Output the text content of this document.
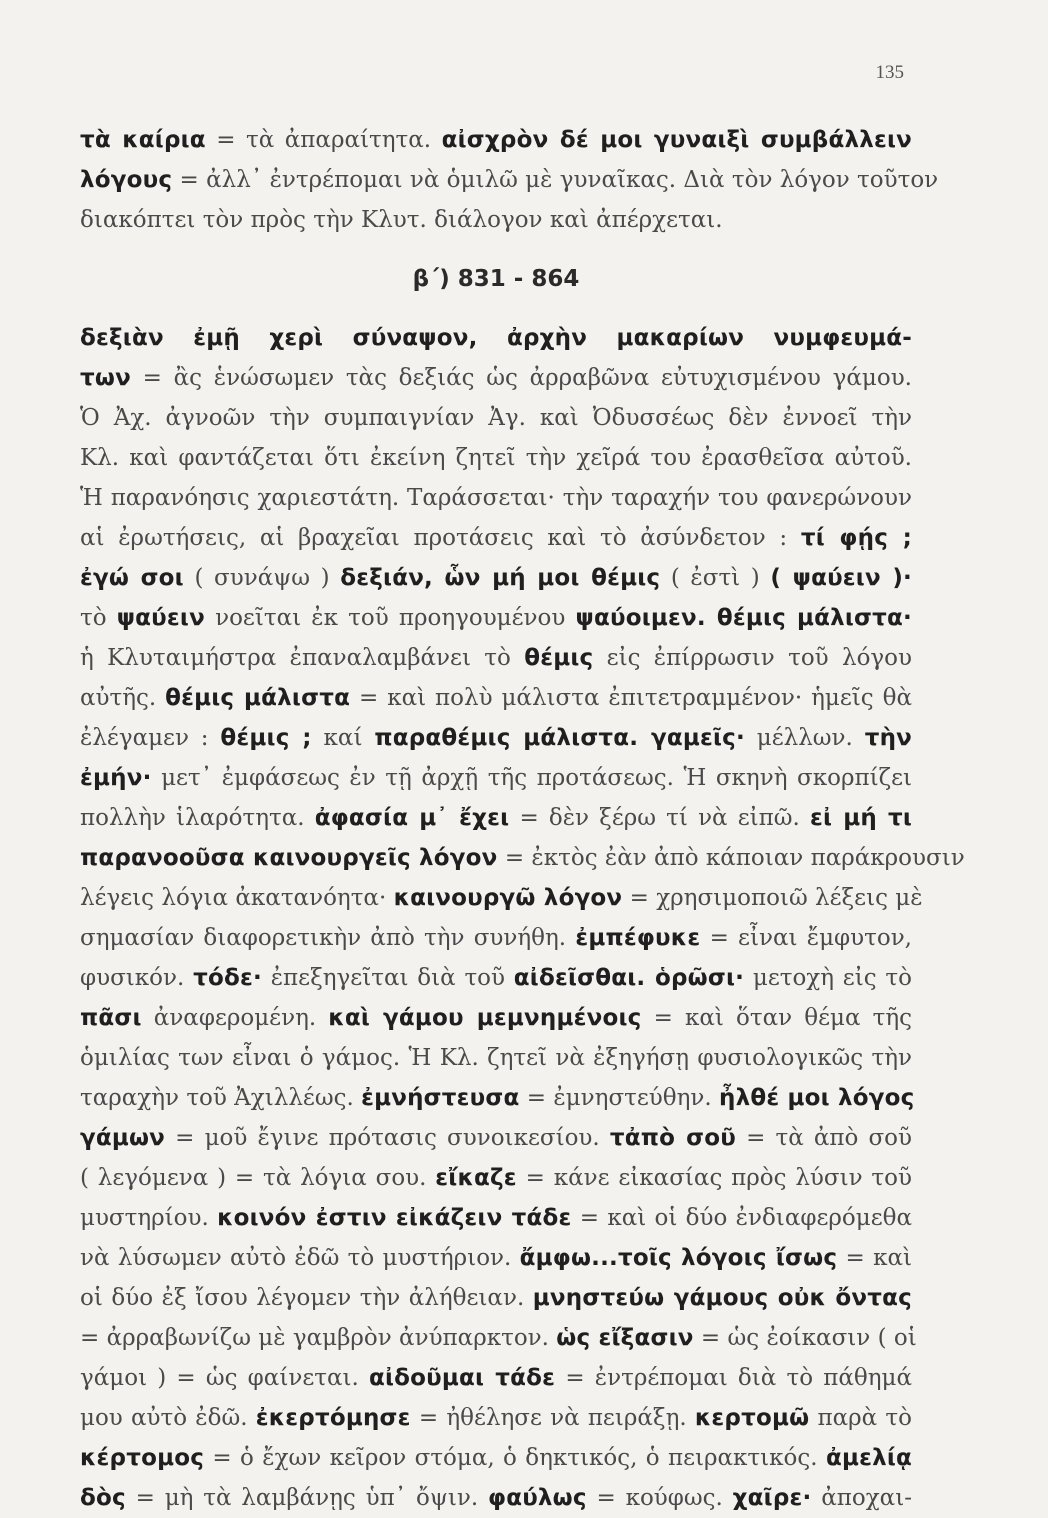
135
τὰ καίρια = τὰ ἀπαραίτητα. αἰσχρὸν δέ μοι γυναιξὶ συμβάλλειν
λόγους = ἀλλ᾽ ἐντρέπομαι νὰ ὁμιλῶ μὲ γυναῖκας. Διὰ τὸν λόγον τοῦτον
διακόπτει τὸν πρὸς τὴν Κλυτ. διάλογον καὶ ἀπέρχεται.
β΄) 831 - 864
δεξιὰν ἐμῇ χερὶ σύναψον, ἀρχὴν μακαρίων νυμφευμά-
των = ἂς ἑνώσωμεν τὰς δεξιάς ὡς ἀρραβῶνα εὐτυχισμένου γάμου.
Ὁ Ἀχ. ἀγνοῶν τὴν συμπαιγνίαν Ἀγ. καὶ Ὀδυσσέως δὲν ἐννοεῖ τὴν
Κλ. καὶ φαντάζεται ὅτι ἐκείνη ζητεῖ τὴν χεῖρά του ἐρασθεῖσα αὐτοῦ.
Ἡ παρανόησις χαριεστάτη. Ταράσσεται· τὴν ταραχήν του φανερώνουν
αἱ ἐρωτήσεις, αἱ βραχεῖαι προτάσεις καὶ τὸ ἀσύνδετον : τί φῄς ;
ἐγώ σοι ( συνάψω ) δεξιάν, ὧν μή μοι θέμις ( ἐστὶ ) ( ψαύειν )·
τὸ ψαύειν νοεῖται ἐκ τοῦ προηγουμένου ψαύοιμεν. θέμις μάλιστα·
ἡ Κλυταιμήστρα ἐπαναλαμβάνει τὸ θέμις εἰς ἐπίρρωσιν τοῦ λόγου
αὐτῆς. θέμις μάλιστα = καὶ πολὺ μάλιστα ἐπιτετραμμένον· ἡμεῖς θὰ
ἐλέγαμεν : θέμις ; καί παραθέμις μάλιστα. γαμεῖς· μέλλων. τὴν
ἐμήν· μετ᾽ ἐμφάσεως ἐν τῇ ἀρχῇ τῆς προτάσεως. Ἡ σκηνὴ σκορπίζει
πολλὴν ἱλαρότητα. ἀφασία μ᾽ ἔχει = δὲν ξέρω τί νὰ εἰπῶ. εἰ μή τι
παρανοοῦσα καινουργεῖς λόγον = ἐκτὸς ἐὰν ἀπὸ κάποιαν παράκρουσιν
λέγεις λόγια ἀκατανόητα· καινουργῶ λόγον = χρησιμοποιῶ λέξεις μὲ
σημασίαν διαφορετικὴν ἀπὸ τὴν συνήθη. ἐμπέφυκε = εἶναι ἔμφυτον,
φυσικόν. τόδε· ἐπεξηγεῖται διὰ τοῦ αἰδεῖσθαι. ὁρῶσι· μετοχὴ εἰς τὸ
πᾶσι ἀναφερομένη. καὶ γάμου μεμνημένοις = καὶ ὅταν θέμα τῆς
ὁμιλίας των εἶναι ὁ γάμος. Ἡ Κλ. ζητεῖ νὰ ἐξηγήσῃ φυσιολογικῶς τὴν
ταραχὴν τοῦ Ἀχιλλέως. ἐμνήστευσα = ἐμνηστεύθην. ἦλθέ μοι λόγος
γάμων = μοῦ ἔγινε πρότασις συνοικεσίου. τἀπὸ σοῦ = τὰ ἀπὸ σοῦ
( λεγόμενα ) = τὰ λόγια σου. εἴκαζε = κάνε εἰκασίας πρὸς λύσιν τοῦ
μυστηρίου. κοινόν ἐστιν εἰκάζειν τάδε = καὶ οἱ δύο ἐνδιαφερόμεθα
νὰ λύσωμεν αὐτὸ ἐδῶ τὸ μυστήριον. ἄμφω...τοῖς λόγοις ἴσως = καὶ
οἱ δύο ἐξ ἴσου λέγομεν τὴν ἀλήθειαν. μνηστεύω γάμους οὐκ ὄντας
= ἀρραβωνίζω μὲ γαμβρὸν ἀνύπαρκτον. ὡς εἴξασιν = ὡς ἐοίκασιν ( οἱ
γάμοι ) = ὡς φαίνεται. αἰδοῦμαι τάδε = ἐντρέπομαι διὰ τὸ πάθημά
μου αὐτὸ ἐδῶ. ἐκερτόμησε = ἠθέλησε νὰ πειράξῃ. κερτομῶ παρὰ τὸ
κέρτομος = ὁ ἔχων κεῖρον στόμα, ὁ δηκτικός, ὁ πειρακτικός. ἀμελίᾳ
δὸς = μὴ τὰ λαμβάνῃς ὑπ᾽ ὄψιν. φαύλως = κούφως. χαῖρε· ἀποχαι-
